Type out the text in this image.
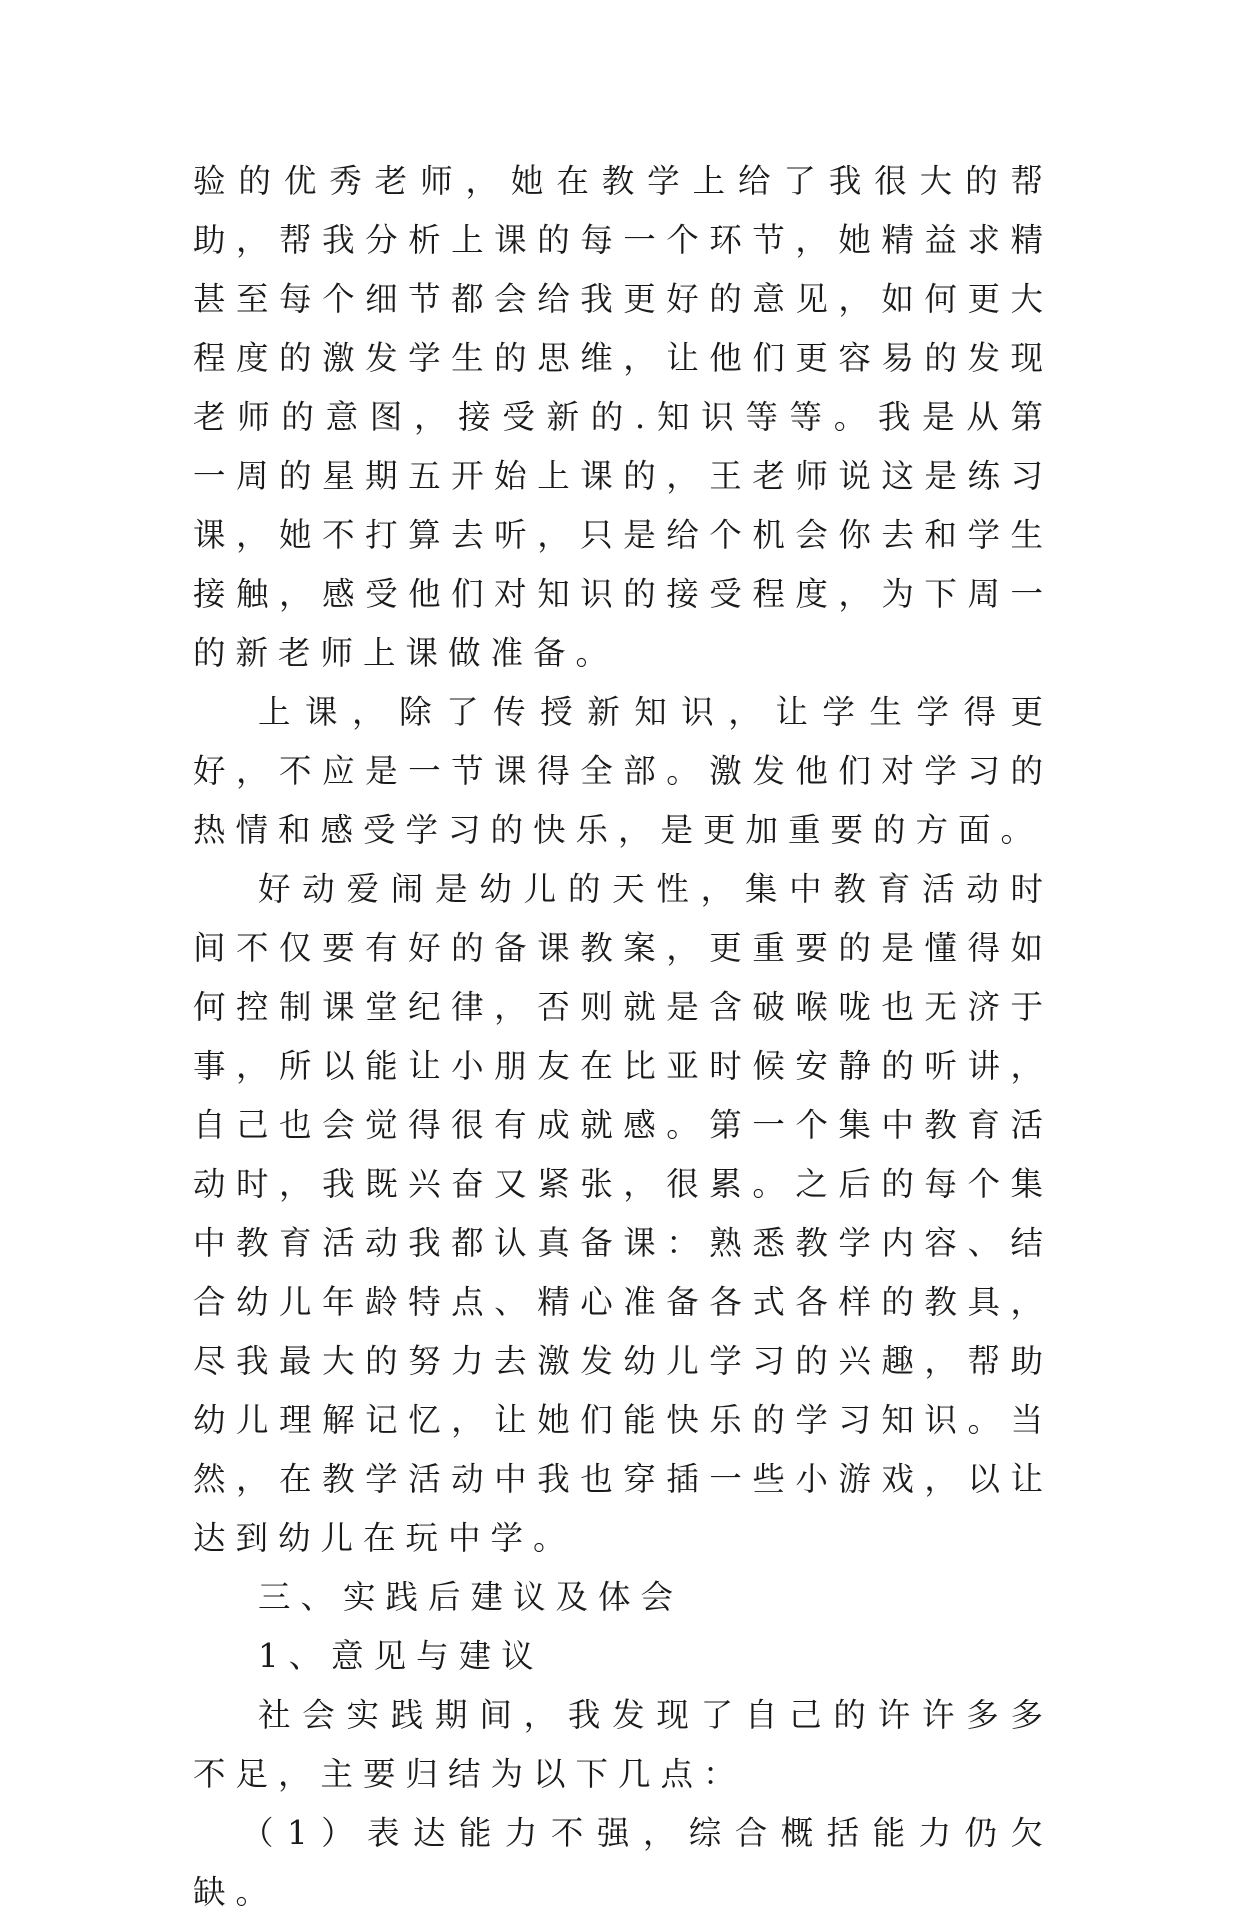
验的优秀老师，她在教学上给了我很大的帮助，帮我分析上课的每一个环节，她精益求精甚至每个细节都会给我更好的意见，如何更大程度的激发学生的思维，让他们更容易的发现老师的意图，接受新的.知识等等。我是从第一周的星期五开始上课的，王老师说这是练习课，她不打算去听，只是给个机会你去和学生接触，感受他们对知识的接受程度，为下周一的新老师上课做准备。

上课，除了传授新知识，让学生学得更好，不应是一节课得全部。激发他们对学习的热情和感受学习的快乐，是更加重要的方面。

好动爱闹是幼儿的天性，集中教育活动时间不仅要有好的备课教案，更重要的是懂得如何控制课堂纪律，否则就是含破喉咙也无济于事，所以能让小朋友在比亚时候安静的听讲，自己也会觉得很有成就感。第一个集中教育活动时，我既兴奋又紧张，很累。之后的每个集中教育活动我都认真备课：熟悉教学内容、结合幼儿年龄特点、精心准备各式各样的教具，尽我最大的努力去激发幼儿学习的兴趣，帮助幼儿理解记忆，让她们能快乐的学习知识。当然，在教学活动中我也穿插一些小游戏，以让达到幼儿在玩中学。

三、实践后建议及体会

1、意见与建议

社会实践期间，我发现了自己的许许多多不足，主要归结为以下几点：

（1）表达能力不强，综合概括能力仍欠缺。
